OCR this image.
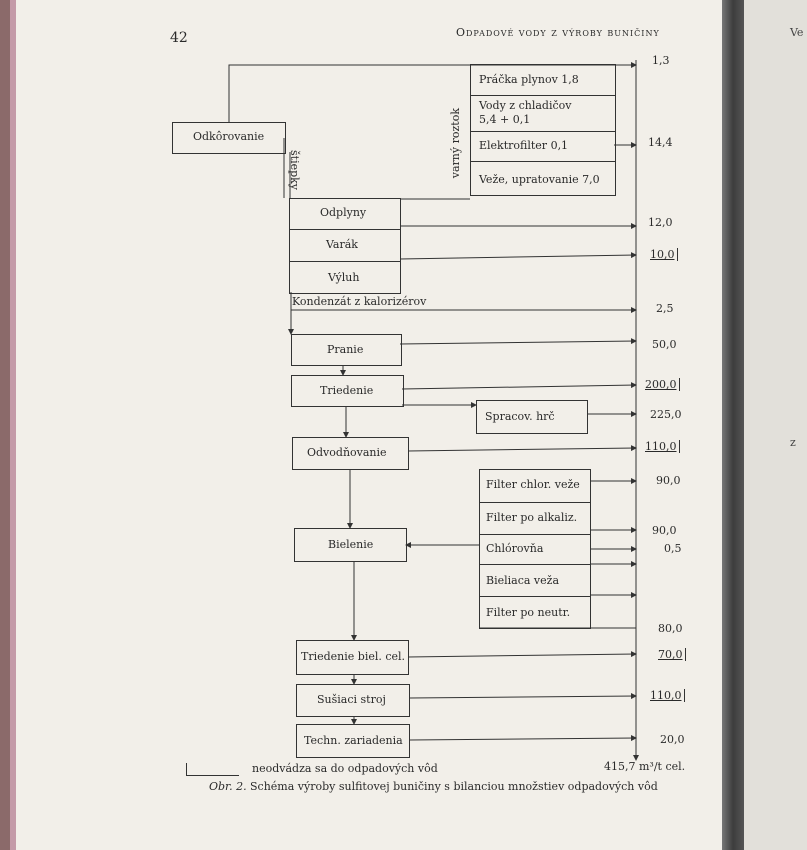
Ve
z
42	Odpadové vody z výroby buničiny
Odkôrovanie
štiepky
Práčka plynov 1,8
Vody z chladičov
5,4 + 0,1
Elektrofilter 0,1
Veže, upratovanie 7,0
varný roztok
Odplyny
Varák
Výluh
Kondenzát z kalorizérov
Pranie
Triedenie
Spracov. hrč
Odvodňovanie
Filter chlor. veže
Filter po alkaliz.
Chlórovňa
Bieliaca veža
Filter po neutr.
Bielenie
Triedenie biel. cel.
Sušiaci stroj
Techn. zariadenia
1,3
14,4
12,0
10,0
2,5
50,0
200,0
225,0
110,0
90,0
90,0
0,5
80,0
70,0
110,0
20,0
neodvádza sa do odpadových vôd	415,7 m³/t cel.
Obr. 2. Schéma výroby sulfitovej buničiny s bilanciou množstiev odpadových vôd
